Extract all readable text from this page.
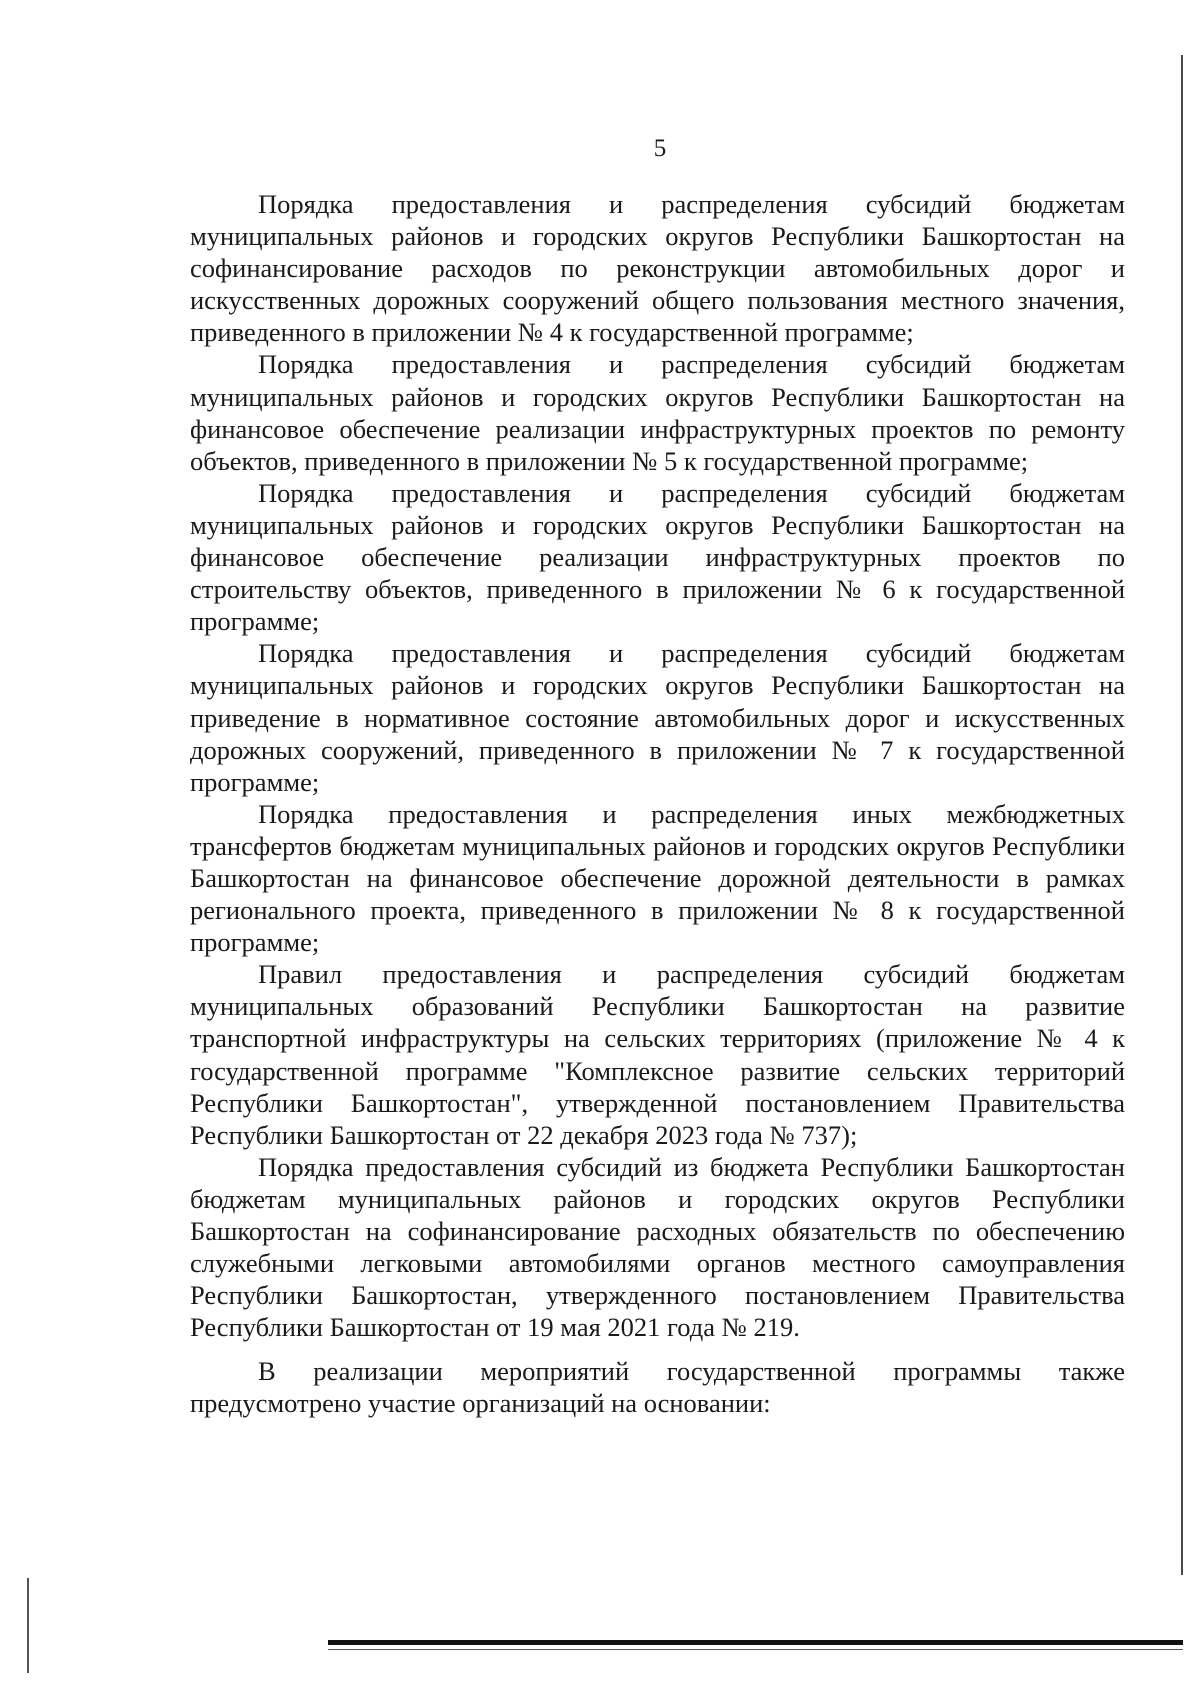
5

Порядка предоставления и распределения субсидий бюджетам муниципальных районов и городских округов Республики Башкортостан на софинансирование расходов по реконструкции автомобильных дорог и искусственных дорожных сооружений общего пользования местного значения, приведенного в приложении № 4 к государственной программе;

Порядка предоставления и распределения субсидий бюджетам муниципальных районов и городских округов Республики Башкортостан на финансовое обеспечение реализации инфраструктурных проектов по ремонту объектов, приведенного в приложении № 5 к государственной программе;

Порядка предоставления и распределения субсидий бюджетам муниципальных районов и городских округов Республики Башкортостан на финансовое обеспечение реализации инфраструктурных проектов по строительству объектов, приведенного в приложении № 6 к государственной программе;

Порядка предоставления и распределения субсидий бюджетам муниципальных районов и городских округов Республики Башкортостан на приведение в нормативное состояние автомобильных дорог и искусственных дорожных сооружений, приведенного в приложении № 7 к государственной программе;

Порядка предоставления и распределения иных межбюджетных трансфертов бюджетам муниципальных районов и городских округов Республики Башкортостан на финансовое обеспечение дорожной деятельности в рамках регионального проекта, приведенного в приложении № 8 к государственной программе;

Правил предоставления и распределения субсидий бюджетам муниципальных образований Республики Башкортостан на развитие транспортной инфраструктуры на сельских территориях (приложение № 4 к государственной программе "Комплексное развитие сельских территорий Республики Башкортостан", утвержденной постановлением Правительства Республики Башкортостан от 22 декабря 2023 года № 737);

Порядка предоставления субсидий из бюджета Республики Башкортостан бюджетам муниципальных районов и городских округов Республики Башкортостан на софинансирование расходных обязательств по обеспечению служебными легковыми автомобилями органов местного самоуправления Республики Башкортостан, утвержденного постановлением Правительства Республики Башкортостан от 19 мая 2021 года № 219.

В реализации мероприятий государственной программы также предусмотрено участие организаций на основании:
